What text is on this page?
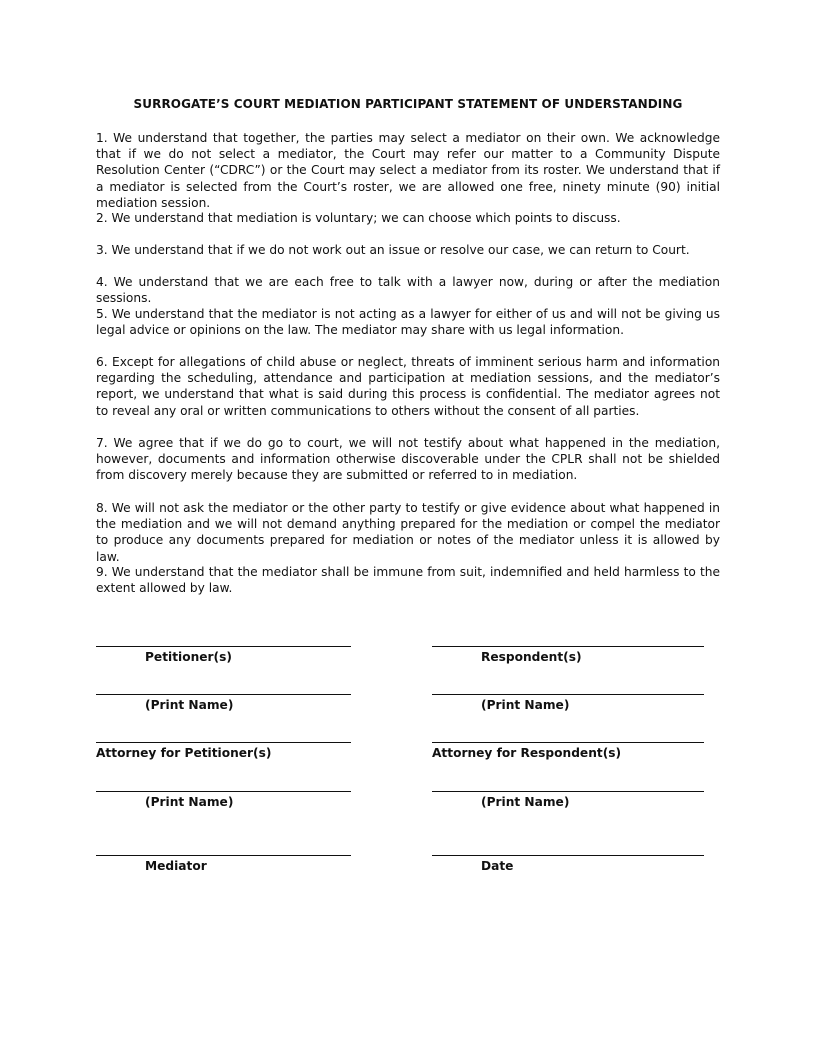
SURROGATE’S COURT MEDIATION PARTICIPANT STATEMENT OF UNDERSTANDING
1. We understand that together, the parties may select a mediator on their own. We acknowledge that if we do not select a mediator, the Court may refer our matter to a Community Dispute Resolution Center (“CDRC”) or the Court may select a mediator from its roster. We understand that if a mediator is selected from the Court’s roster, we are allowed one free, ninety minute (90) initial mediation session.
2. We understand that mediation is voluntary; we can choose which points to discuss.
3. We understand that if we do not work out an issue or resolve our case, we can return to Court.
4. We understand that we are each free to talk with a lawyer now, during or after the mediation sessions.
5. We understand that the mediator is not acting as a lawyer for either of us and will not be giving us legal advice or opinions on the law. The mediator may share with us legal information.
6. Except for allegations of child abuse or neglect, threats of imminent serious harm and information regarding the scheduling, attendance and participation at mediation sessions, and the mediator’s report, we understand that what is said during this process is confidential. The mediator agrees not to reveal any oral or written communications to others without the consent of all parties.
7. We agree that if we do go to court, we will not testify about what happened in the mediation, however, documents and information otherwise discoverable under the CPLR shall not be shielded from discovery merely because they are submitted or referred to in mediation.
8. We will not ask the mediator or the other party to testify or give evidence about what happened in the mediation and we will not demand anything prepared for the mediation or compel the mediator to produce any documents prepared for mediation or notes of the mediator unless it is allowed by law.
9. We understand that the mediator shall be immune from suit, indemnified and held harmless to the extent allowed by law.
Petitioner(s)
(Print Name)
Attorney for Petitioner(s)
(Print Name)
Mediator
Respondent(s)
(Print Name)
Attorney for Respondent(s)
(Print Name)
Date
